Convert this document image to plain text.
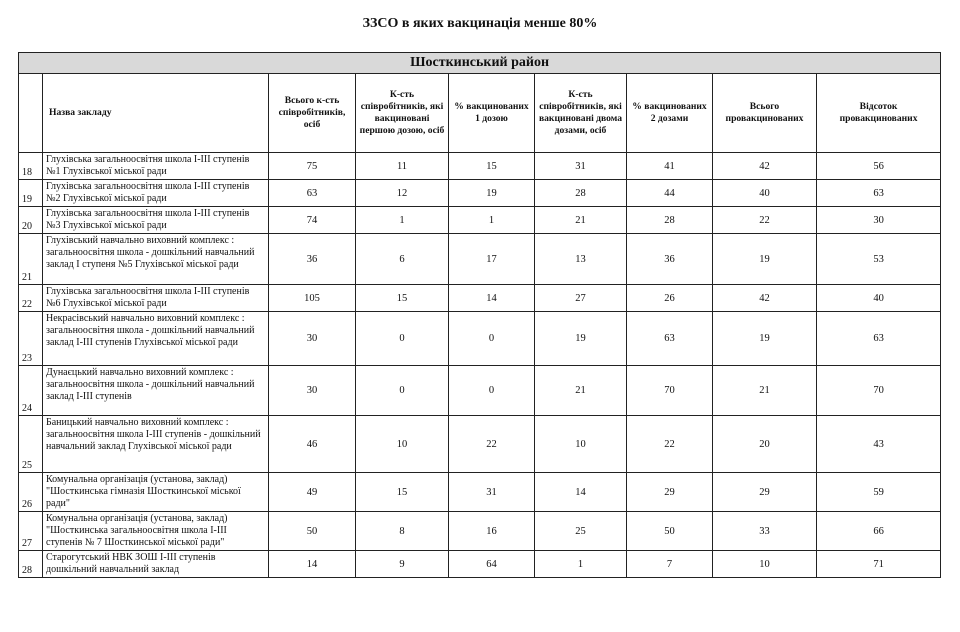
ЗЗСО в яких вакцинація менше 80%
Шосткинський район								
	Назва закладу	Всього к-сть співробітників, осіб	К-сть співробітників, які вакциновані першою дозою, осіб	% вакцинованих 1 дозою	К-сть співробітників, які вакциновані двома дозами, осіб	% вакцинованих 2 дозами	Всього провакцинованих	Відсоток провакцинованих
18	Глухівська загальноосвітня школа І-ІІІ ступенів №1 Глухівської міської ради	75	11	15	31	41	42	56
19	Глухівська загальноосвітня школа І-ІІІ ступенів №2 Глухівської міської ради	63	12	19	28	44	40	63
20	Глухівська загальноосвітня школа І-ІІІ ступенів №3 Глухівської міської ради	74	1	1	21	28	22	30
21	Глухівський навчально виховний комплекс : загальноосвітня школа - дошкільний навчальний заклад І ступеня №5 Глухівської міської ради	36	6	17	13	36	19	53
22	Глухівська загальноосвітня школа І-ІІІ ступенів №6 Глухівської міської ради	105	15	14	27	26	42	40
23	Некрасівський навчально виховний комплекс : загальноосвітня школа - дошкільний навчальний заклад І-ІІІ ступенів Глухівської міської ради	30	0	0	19	63	19	63
24	Дунаєцький навчально виховний комплекс : загальноосвітня школа - дошкільний навчальний заклад І-ІІІ ступенів	30	0	0	21	70	21	70
25	Баницький навчально виховний комплекс : загальноосвітня школа І-ІІІ ступенів - дошкільний навчальний заклад Глухівської міської ради	46	10	22	10	22	20	43
26	Комунальна організація (установа, заклад) "Шосткинська гімназія Шосткинської міської ради"	49	15	31	14	29	29	59
27	Комунальна організація (установа, заклад) "Шосткинська загальноосвітня школа І-ІІІ ступенів № 7 Шосткинської міської ради"	50	8	16	25	50	33	66
28	Старогутський НВК ЗОШ І-ІІІ ступенів дошкільний навчальний заклад	14	9	64	1	7	10	71
